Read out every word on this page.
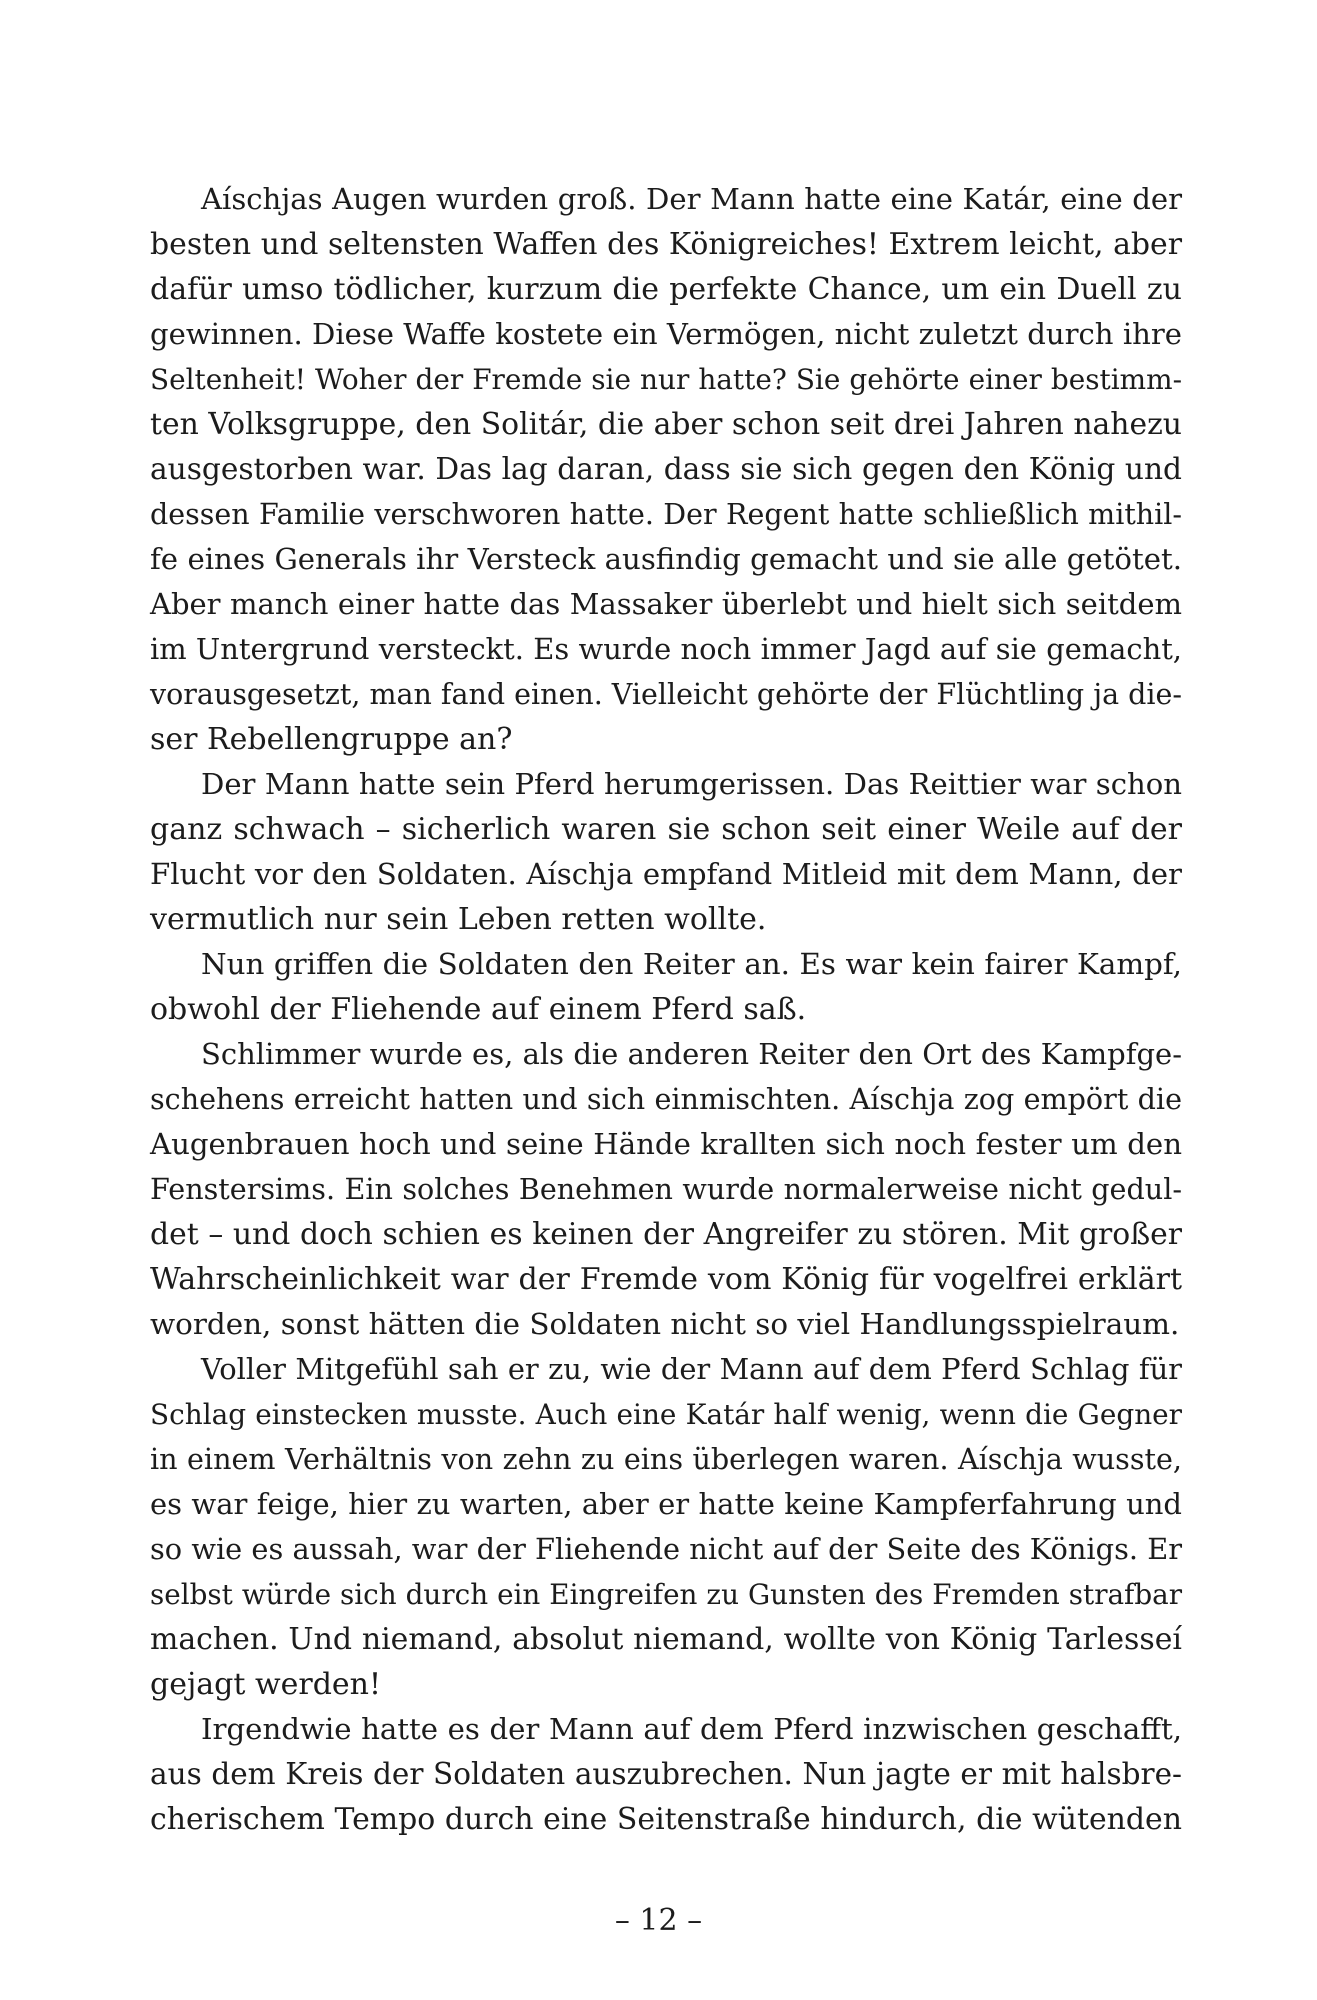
Aíschjas Augen wurden groß. Der Mann hatte eine Katár, eine der
besten und seltensten Waffen des Königreiches! Extrem leicht, aber
dafür umso tödlicher, kurzum die perfekte Chance, um ein Duell zu
gewinnen. Diese Waffe kostete ein Vermögen, nicht zuletzt durch ihre
Seltenheit! Woher der Fremde sie nur hatte? Sie gehörte einer bestimm-
ten Volksgruppe, den Solitár, die aber schon seit drei Jahren nahezu
ausgestorben war. Das lag daran, dass sie sich gegen den König und
dessen Familie verschworen hatte. Der Regent hatte schließlich mithil-
fe eines Generals ihr Versteck ausfindig gemacht und sie alle getötet.
Aber manch einer hatte das Massaker überlebt und hielt sich seitdem
im Untergrund versteckt. Es wurde noch immer Jagd auf sie gemacht,
vorausgesetzt, man fand einen. Vielleicht gehörte der Flüchtling ja die-
ser Rebellengruppe an?
Der Mann hatte sein Pferd herumgerissen. Das Reittier war schon
ganz schwach – sicherlich waren sie schon seit einer Weile auf der
Flucht vor den Soldaten. Aíschja empfand Mitleid mit dem Mann, der
vermutlich nur sein Leben retten wollte.
Nun griffen die Soldaten den Reiter an. Es war kein fairer Kampf,
obwohl der Fliehende auf einem Pferd saß.
Schlimmer wurde es, als die anderen Reiter den Ort des Kampfge-
schehens erreicht hatten und sich einmischten. Aíschja zog empört die
Augenbrauen hoch und seine Hände krallten sich noch fester um den
Fenstersims. Ein solches Benehmen wurde normalerweise nicht gedul-
det – und doch schien es keinen der Angreifer zu stören. Mit großer
Wahrscheinlichkeit war der Fremde vom König für vogelfrei erklärt
worden, sonst hätten die Soldaten nicht so viel Handlungsspielraum.
Voller Mitgefühl sah er zu, wie der Mann auf dem Pferd Schlag für
Schlag einstecken musste. Auch eine Katár half wenig, wenn die Gegner
in einem Verhältnis von zehn zu eins überlegen waren. Aíschja wusste,
es war feige, hier zu warten, aber er hatte keine Kampferfahrung und
so wie es aussah, war der Fliehende nicht auf der Seite des Königs. Er
selbst würde sich durch ein Eingreifen zu Gunsten des Fremden strafbar
machen. Und niemand, absolut niemand, wollte von König Tarlesseí
gejagt werden!
Irgendwie hatte es der Mann auf dem Pferd inzwischen geschafft,
aus dem Kreis der Soldaten auszubrechen. Nun jagte er mit halsbre-
cherischem Tempo durch eine Seitenstraße hindurch, die wütenden
– 12 –
